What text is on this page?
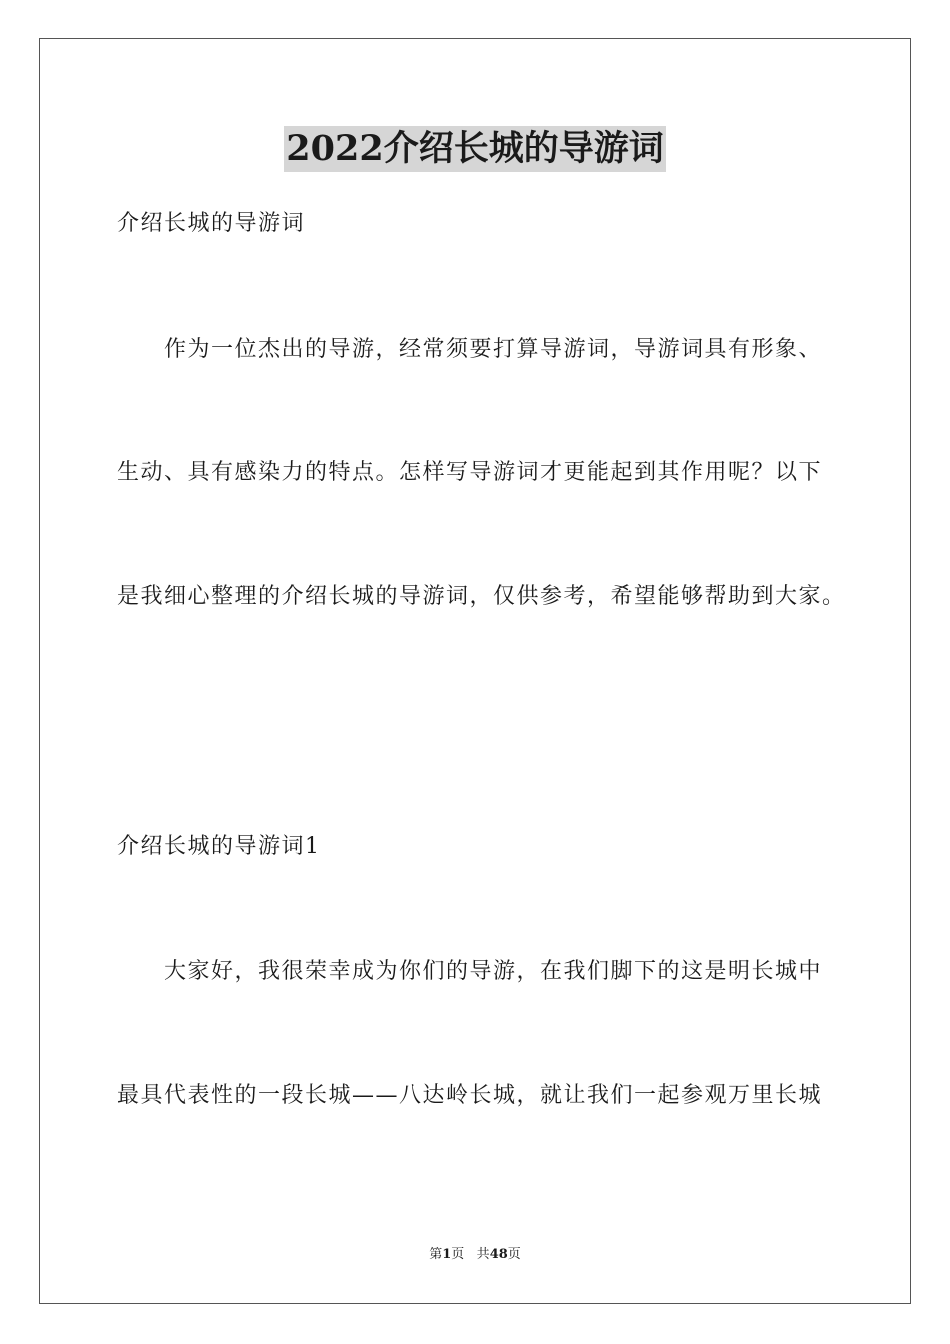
2022介绍长城的导游词
介绍长城的导游词
作为一位杰出的导游，经常须要打算导游词，导游词具有形象、
生动、具有感染力的特点。怎样写导游词才更能起到其作用呢？以下
是我细心整理的介绍长城的导游词，仅供参考，希望能够帮助到大家。
介绍长城的导游词1
大家好，我很荣幸成为你们的导游，在我们脚下的这是明长城中
最具代表性的一段长城——八达岭长城，就让我们一起参观万里长城
第1页 共48页
